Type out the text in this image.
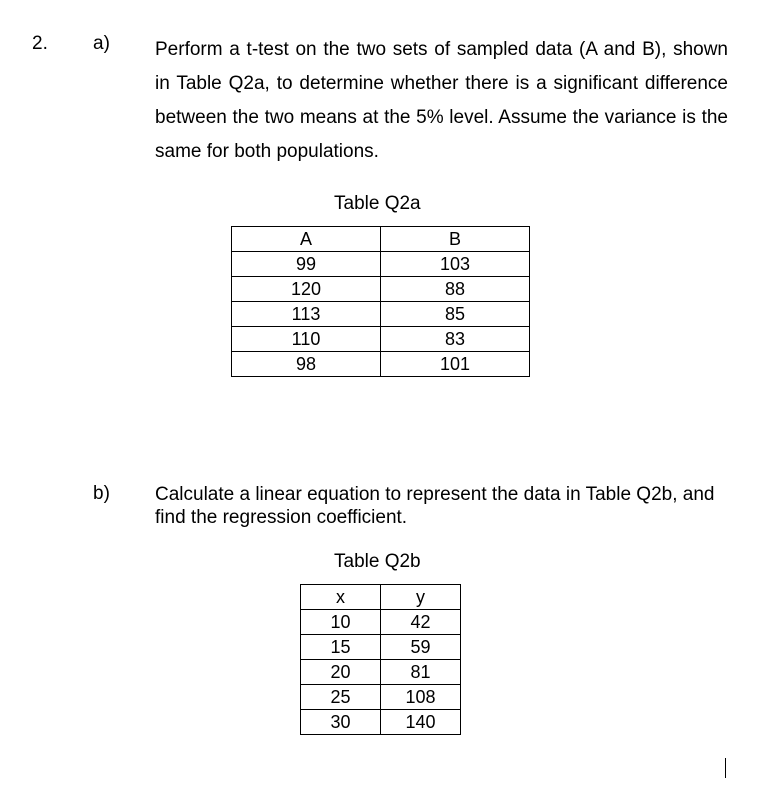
2. a) Perform a t-test on the two sets of sampled data (A and B), shown in Table Q2a, to determine whether there is a significant difference between the two means at the 5% level. Assume the variance is the same for both populations.
Table Q2a
A	B
99	103
120	88
113	85
110	83
98	101
b) Calculate a linear equation to represent the data in Table Q2b, and find the regression coefficient.
Table Q2b
x	y
10	42
15	59
20	81
25	108
30	140
